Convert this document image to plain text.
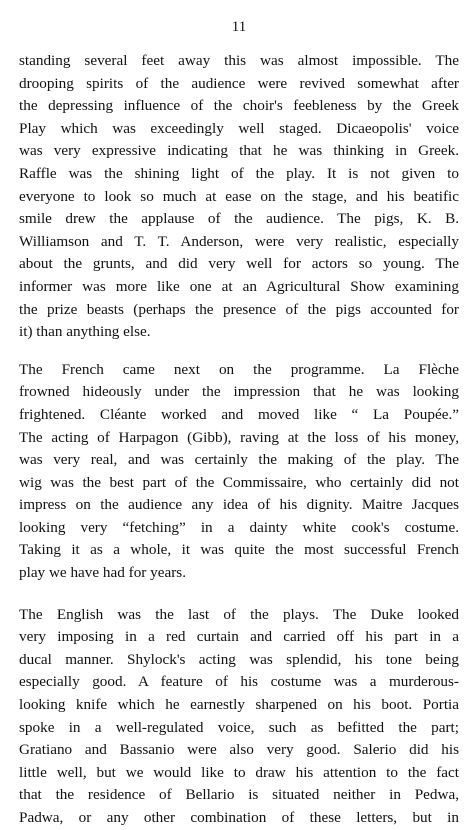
11
standing several feet away this was almost impossible. The
drooping spirits of the audience were revived somewhat after
the depressing influence of the choir's feebleness by the Greek
Play which was exceedingly well staged. Dicaeopolis' voice
was very expressive indicating that he was thinking in Greek.
Raffle was the shining light of the play. It is not given to
everyone to look so much at ease on the stage, and his beatific
smile drew the applause of the audience. The pigs, K. B.
Williamson and T. T. Anderson, were very realistic, especially
about the grunts, and did very well for actors so young. The
informer was more like one at an Agricultural Show examining
the prize beasts (perhaps the presence of the pigs accounted for
it) than anything else.
The French came next on the programme. La Flèche
frowned hideously under the impression that he was looking
frightened. Cléante worked and moved like “ La Poupée.”
The acting of Harpagon (Gibb), raving at the loss of his money,
was very real, and was certainly the making of the play. The
wig was the best part of the Commissaire, who certainly did not
impress on the audience any idea of his dignity. Maitre Jacques
looking very “fetching” in a dainty white cook's costume.
Taking it as a whole, it was quite the most successful French
play we have had for years.
The English was the last of the plays. The Duke looked
very imposing in a red curtain and carried off his part in a
ducal manner. Shylock's acting was splendid, his tone being
especially good. A feature of his costume was a murderous-
looking knife which he earnestly sharpened on his boot. Portia
spoke in a well-regulated voice, such as befitted the part;
Gratiano and Bassanio were also very good. Salerio did his
little well, but we would like to draw his attention to the fact
that the residence of Bellario is situated neither in Pedwa,
Padwa, or any other combination of these letters, but in
